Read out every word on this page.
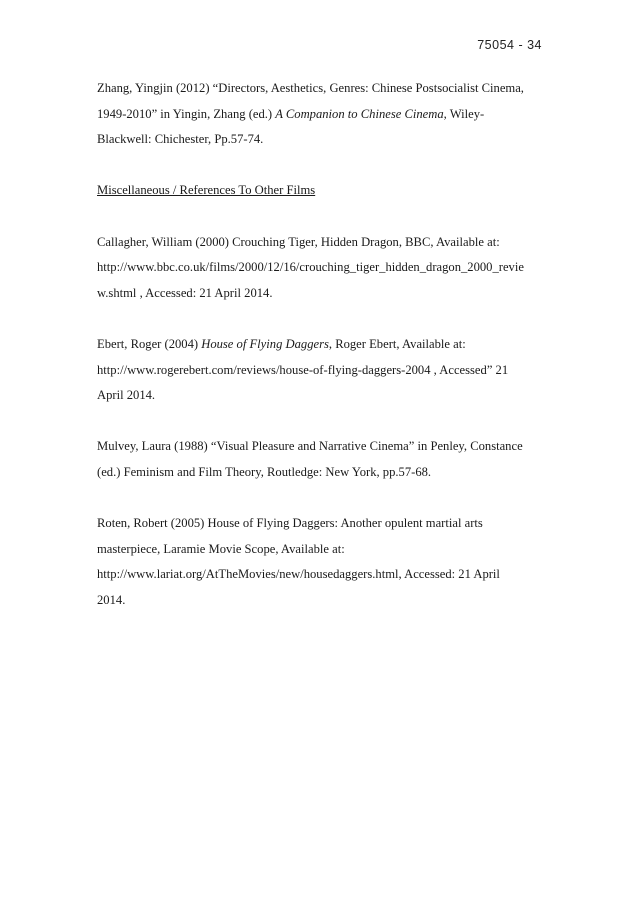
75054 - 34

Zhang, Yingjin (2012) “Directors, Aesthetics, Genres: Chinese Postsocialist Cinema,

1949-2010” in Yingin, Zhang (ed.) A Companion to Chinese Cinema, Wiley-

Blackwell: Chichester, Pp.57-74.

Miscellaneous / References To Other Films

Callagher, William (2000) Crouching Tiger, Hidden Dragon, BBC, Available at:

http://www.bbc.co.uk/films/2000/12/16/crouching_tiger_hidden_dragon_2000_revie

w.shtml , Accessed: 21 April 2014.

Ebert, Roger (2004) House of Flying Daggers, Roger Ebert, Available at:

http://www.rogerebert.com/reviews/house-of-flying-daggers-2004 , Accessed” 21

April 2014.

Mulvey, Laura (1988) “Visual Pleasure and Narrative Cinema” in Penley, Constance

(ed.) Feminism and Film Theory, Routledge: New York, pp.57-68.

Roten, Robert (2005) House of Flying Daggers: Another opulent martial arts

masterpiece, Laramie Movie Scope, Available at:

http://www.lariat.org/AtTheMovies/new/housedaggers.html, Accessed: 21 April

2014.
